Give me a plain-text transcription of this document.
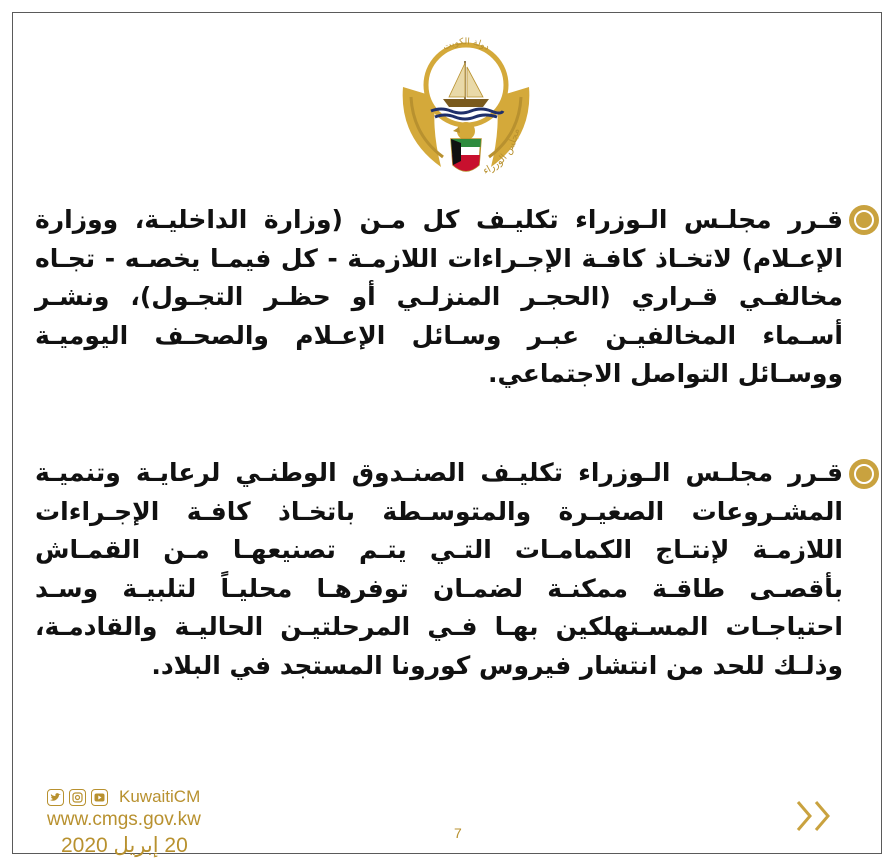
دولة الكويت
مجلس الوزراء
قـرر مجلـس الـوزراء تكليـف كل مـن (وزارة الداخليـة، ووزارة الإعـلام) لاتخـاذ كافـة الإجـراءات اللازمـة - كل فيمـا يخصـه - تجـاه مخالفـي قـراري (الحجـر المنزلـي أو حظـر التجـول)، ونشـر أسـماء المخالفيـن عبـر وسـائل الإعـلام والصحـف اليوميـة ووسـائل التواصل الاجتماعي.
قـرر مجلـس الـوزراء تكليـف الصنـدوق الوطنـي لرعايـة وتنميـة المشـروعات الصغيـرة والمتوسـطة باتخـاذ كافـة الإجـراءات اللازمـة لإنتـاج الكمامـات التـي يتـم تصنيعهـا مـن القمـاش بأقصـى طاقـة ممكنـة لضمـان توفرهـا محليـاً لتلبيـة وسـد احتياجـات المسـتهلكين بهـا فـي المرحلتيـن الحاليـة والقادمـة، وذلـك للحد من انتشار فيروس كورونا المستجد في البلاد.
KuwaitiCM
www.cmgs.gov.kw
20 إبريل 2020
7
